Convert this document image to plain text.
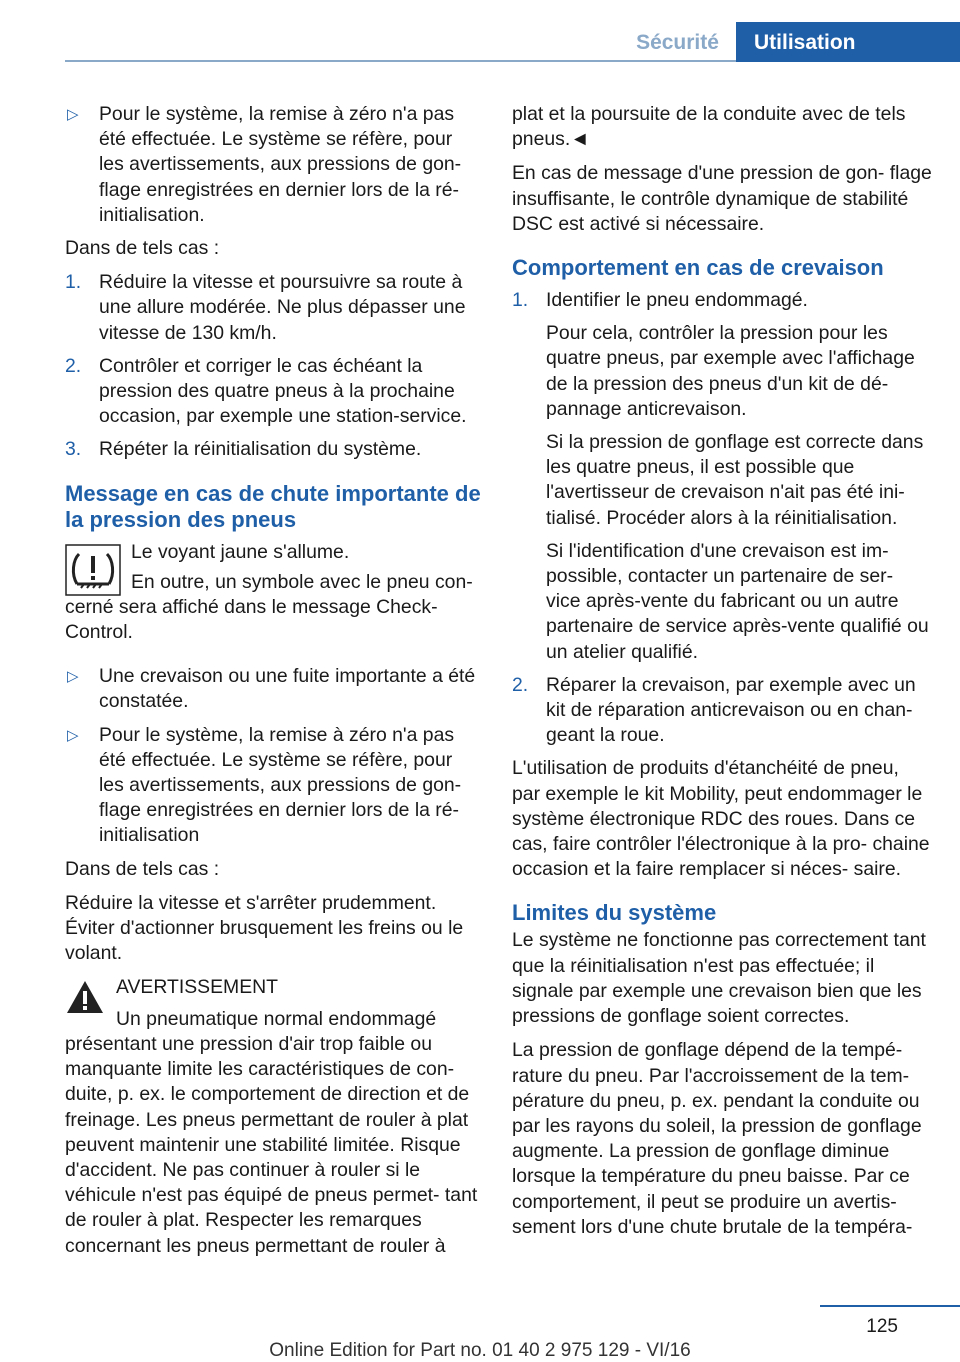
Sécurité	Utilisation
▷ Pour le système, la remise à zéro n'a pas été effectuée. Le système se réfère, pour les avertissements, aux pressions de gon‐ flage enregistrées en dernier lors de la ré‐ initialisation.

Dans de tels cas :

1. Réduire la vitesse et poursuivre sa route à une allure modérée. Ne plus dépasser une vitesse de 130 km/h.
2. Contrôler et corriger le cas échéant la pression des quatre pneus à la prochaine occasion, par exemple une station-service.
3. Répéter la réinitialisation du système.
Message en cas de chute importante de la pression des pneus

Le voyant jaune s'allume.

En outre, un symbole avec le pneu con‐ cerné sera affiché dans le message Check-Control.

▷ Une crevaison ou une fuite importante a été constatée.
▷ Pour le système, la remise à zéro n'a pas été effectuée. Le système se réfère, pour les avertissements, aux pressions de gon‐ flage enregistrées en dernier lors de la ré‐ initialisation

Dans de tels cas :

Réduire la vitesse et s'arrêter prudemment. Éviter d'actionner brusquement les freins ou le volant.

AVERTISSEMENT

Un pneumatique normal endommagé présentant une pression d'air trop faible ou manquante limite les caractéristiques de con‐ duite, p. ex. le comportement de direction et de freinage. Les pneus permettant de rouler à plat peuvent maintenir une stabilité limitée. Risque d'accident. Ne pas continuer à rouler si le véhicule n'est pas équipé de pneus permet‐ tant de rouler à plat. Respecter les remarques concernant les pneus permettant de rouler à

plat et la poursuite de la conduite avec de tels pneus.◄

En cas de message d'une pression de gon‐ flage insuffisante, le contrôle dynamique de stabilité DSC est activé si nécessaire.

Comportement en cas de crevaison
1. Identifier le pneu endommagé.

Pour cela, contrôler la pression pour les quatre pneus, par exemple avec l'affichage de la pression des pneus d'un kit de dé‐ pannage anticrevaison.

Si la pression de gonflage est correcte dans les quatre pneus, il est possible que l'avertisseur de crevaison n'ait pas été ini‐ tialisé. Procéder alors à la réinitialisation.

Si l'identification d'une crevaison est im‐ possible, contacter un partenaire de ser‐ vice après-vente du fabricant ou un autre partenaire de service après-vente qualifié ou un atelier qualifié.

2. Réparer la crevaison, par exemple avec un kit de réparation anticrevaison ou en chan‐ geant la roue.

L'utilisation de produits d'étanchéité de pneu, par exemple le kit Mobility, peut endommager le système électronique RDC des roues. Dans ce cas, faire contrôler l'électronique à la pro‐ chaine occasion et la faire remplacer si néces‐ saire.

Limites du système

Le système ne fonctionne pas correctement tant que la réinitialisation n'est pas effectuée; il signale par exemple une crevaison bien que les pressions de gonflage soient correctes.

La pression de gonflage dépend de la tempé‐ rature du pneu. Par l'accroissement de la tem‐ pérature du pneu, p. ex. pendant la conduite ou par les rayons du soleil, la pression de gonflage augmente. La pression de gonflage diminue lorsque la température du pneu baisse. Par ce comportement, il peut se produire un avertis‐ sement lors d'une chute brutale de la tempéra‐

125
Online Edition for Part no. 01 40 2 975 129 - VI/16
